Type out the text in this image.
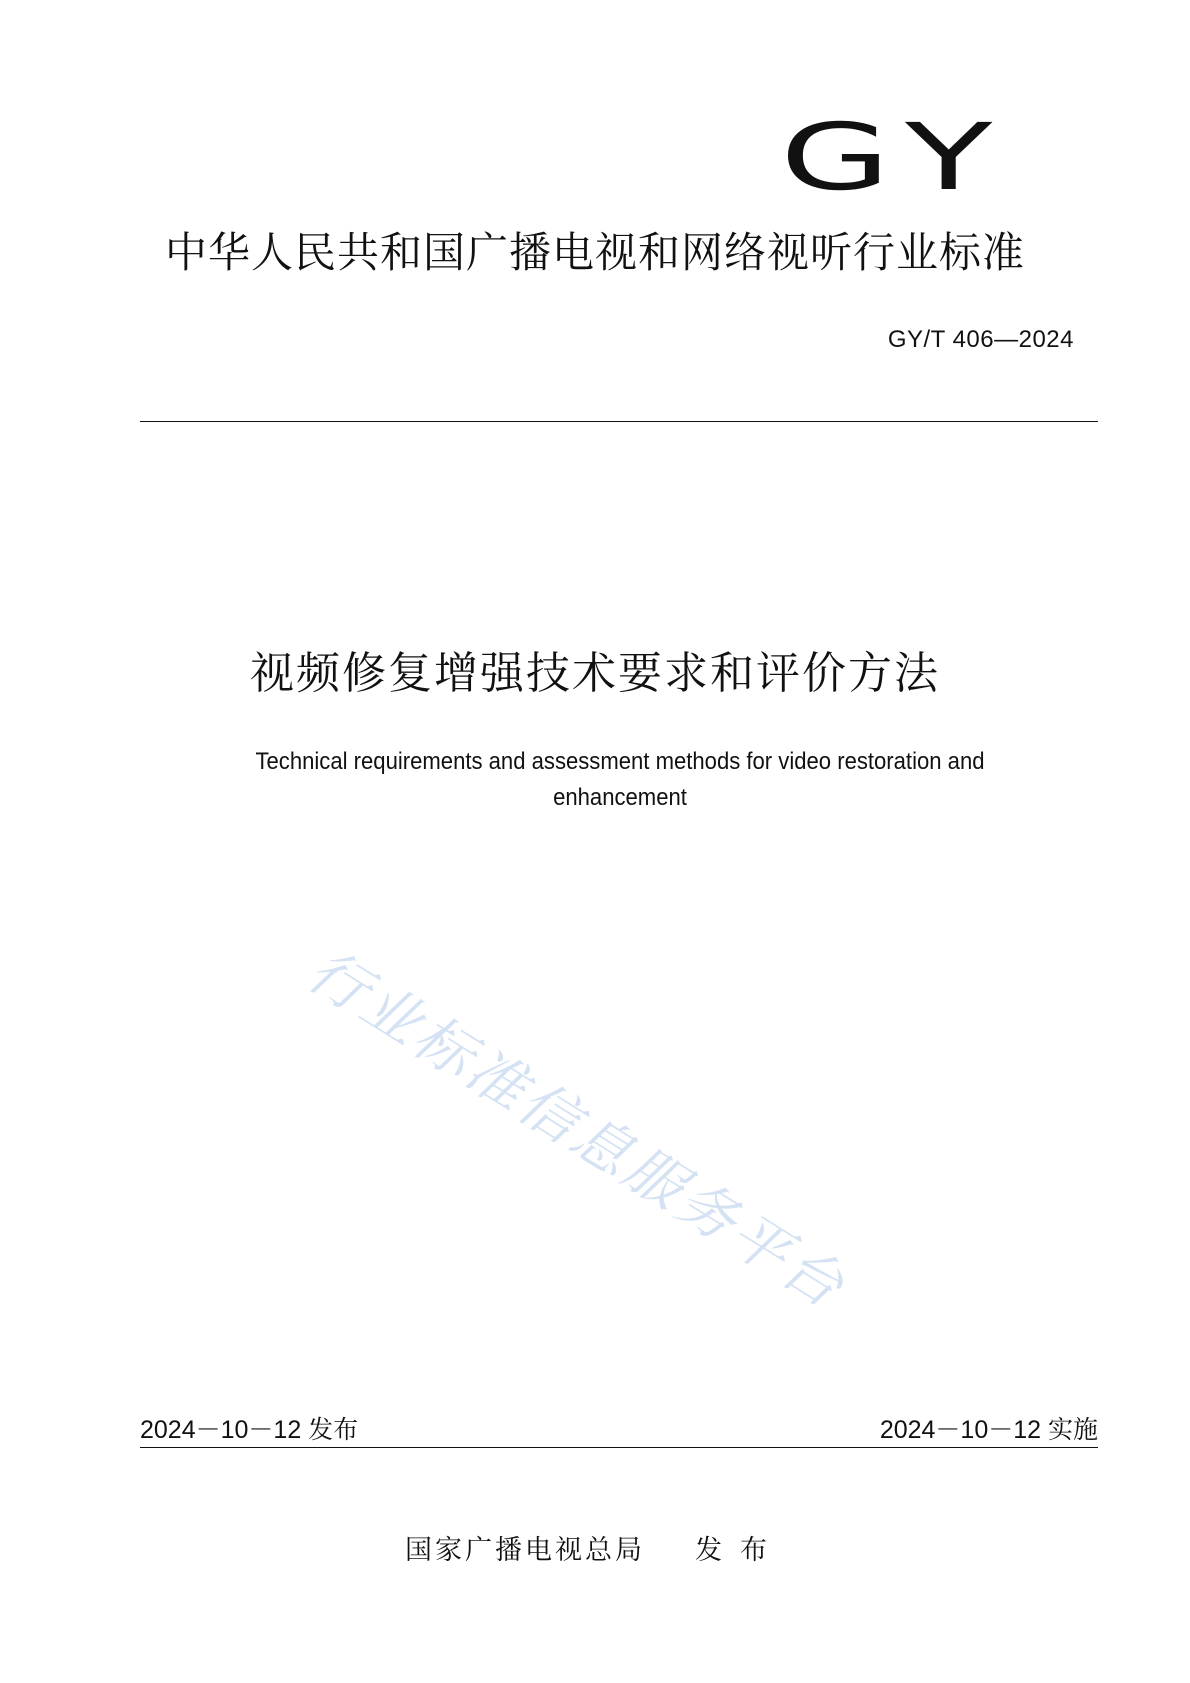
GY
中华人民共和国广播电视和网络视听行业标准
GY/T 406—2024
视频修复增强技术要求和评价方法
Technical requirements and assessment methods for video restoration and enhancement
行业标准信息服务平台
2024－10－12 发布	2024－10－12 实施
国家广播电视总局 发布
